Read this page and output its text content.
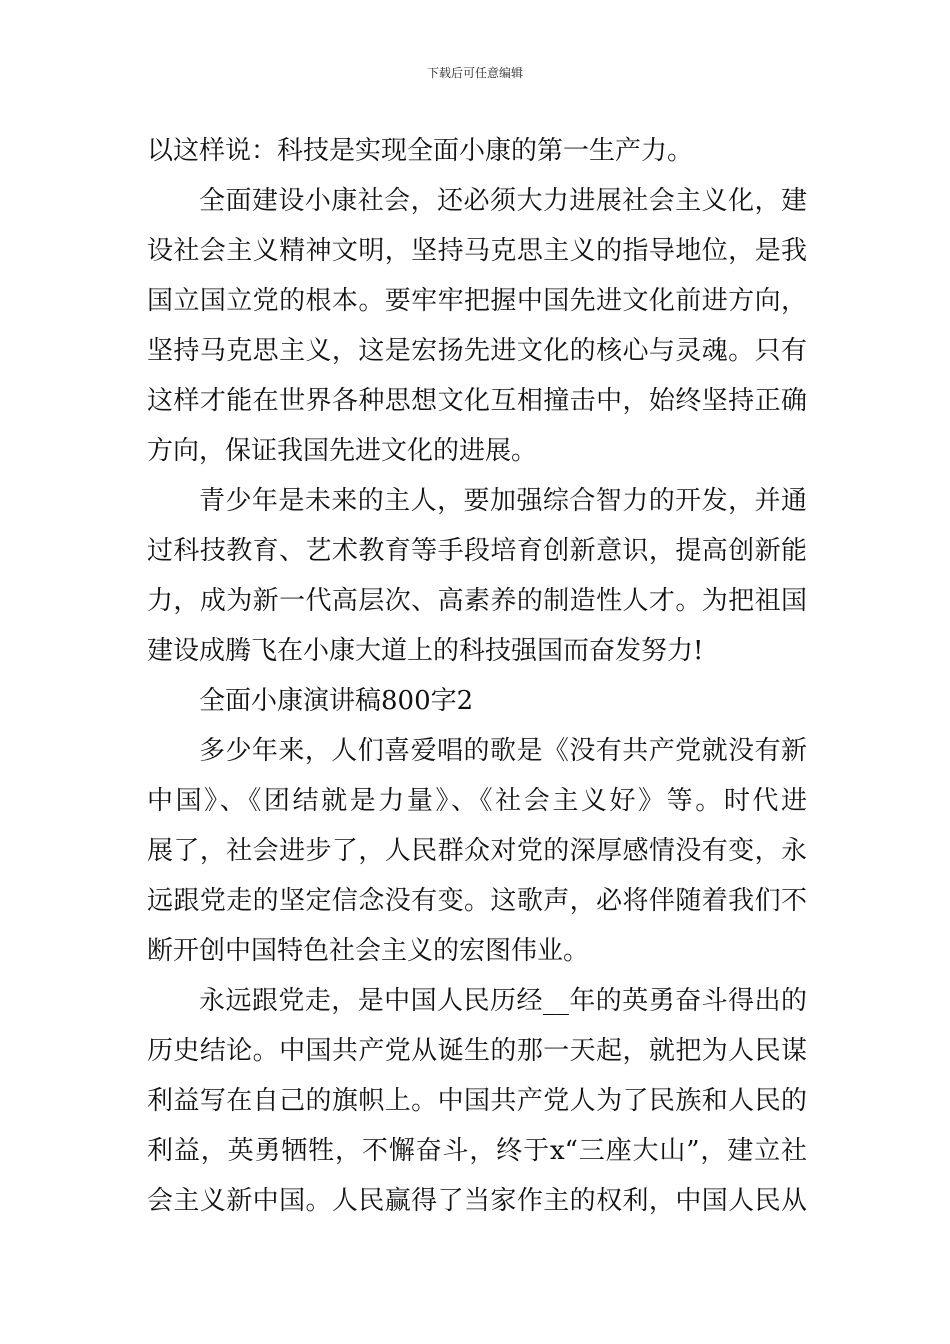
下载后可任意编辑
以这样说：科技是实现全面小康的第一生产力。
全面建设小康社会，还必须大力进展社会主义化，建
设社会主义精神文明，坚持马克思主义的指导地位，是我
国立国立党的根本。要牢牢把握中国先进文化前进方向，
坚持马克思主义，这是宏扬先进文化的核心与灵魂。只有
这样才能在世界各种思想文化互相撞击中，始终坚持正确
方向，保证我国先进文化的进展。
青少年是未来的主人，要加强综合智力的开发，并通
过科技教育、艺术教育等手段培育创新意识，提高创新能
力，成为新一代高层次、高素养的制造性人才。为把祖国
建设成腾飞在小康大道上的科技强国而奋发努力!
全面小康演讲稿800字2
多少年来，人们喜爱唱的歌是《没有共产党就没有新
中国》、《团结就是力量》、《社会主义好》等。时代进
展了，社会进步了，人民群众对党的深厚感情没有变，永
远跟党走的坚定信念没有变。这歌声，必将伴随着我们不
断开创中国特色社会主义的宏图伟业。
永远跟党走，是中国人民历经__年的英勇奋斗得出的
历史结论。中国共产党从诞生的那一天起，就把为人民谋
利益写在自己的旗帜上。中国共产党人为了民族和人民的
利益，英勇牺牲，不懈奋斗，终于x“三座大山”，建立社
会主义新中国。人民赢得了当家作主的权利，中国人民从
